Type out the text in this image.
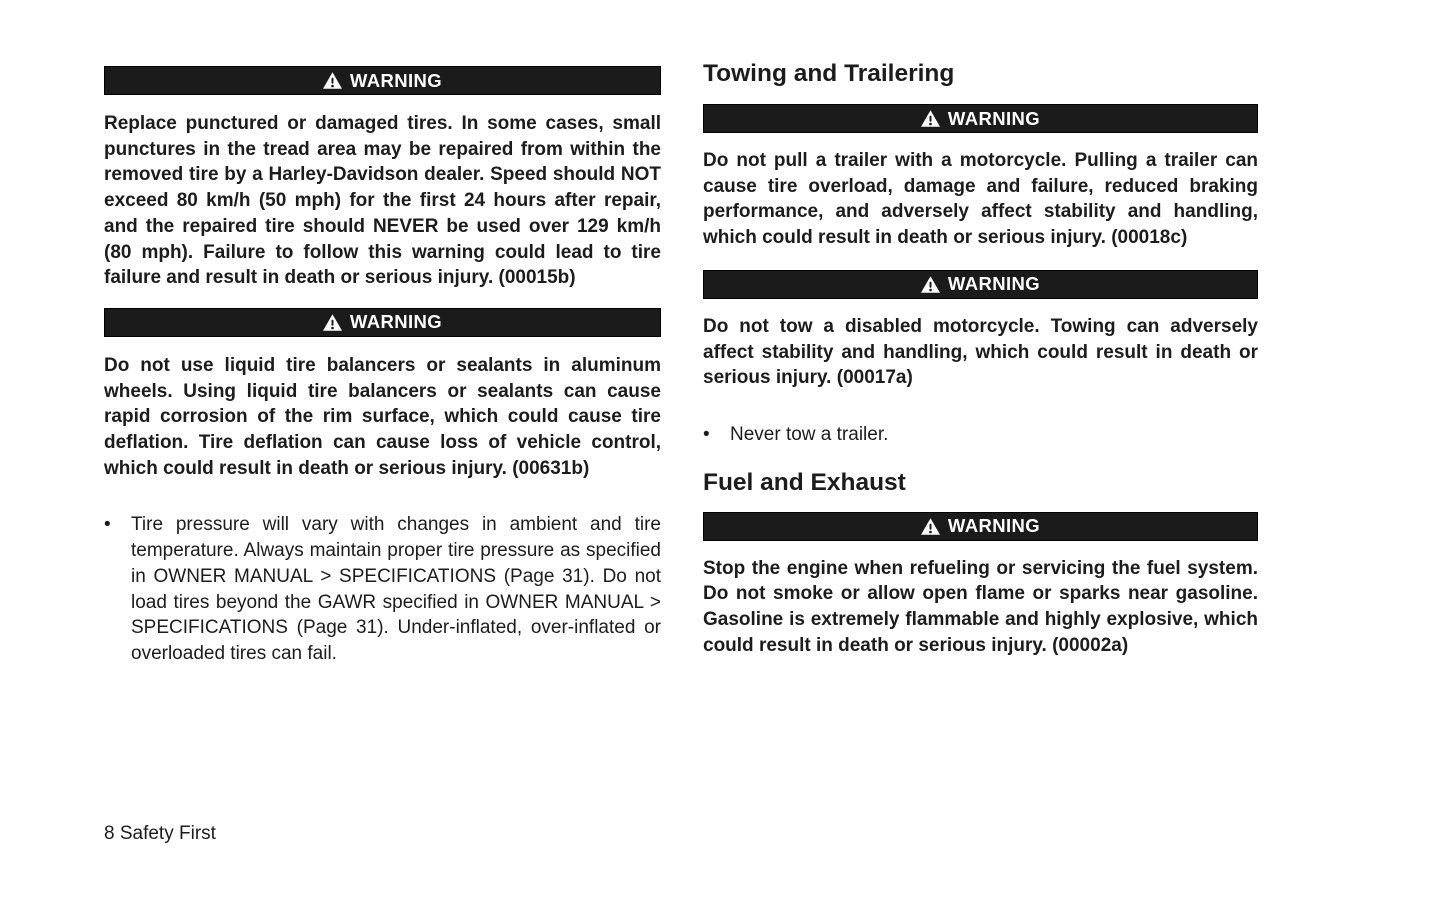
WARNING

Replace punctured or damaged tires. In some cases, small punctures in the tread area may be repaired from within the removed tire by a Harley-Davidson dealer. Speed should NOT exceed 80 km/h (50 mph) for the first 24 hours after repair, and the repaired tire should NEVER be used over 129 km/h (80 mph). Failure to follow this warning could lead to tire failure and result in death or serious injury. (00015b)

WARNING

Do not use liquid tire balancers or sealants in aluminum wheels. Using liquid tire balancers or sealants can cause rapid corrosion of the rim surface, which could cause tire deflation. Tire deflation can cause loss of vehicle control, which could result in death or serious injury. (00631b)

•	Tire pressure will vary with changes in ambient and tire temperature. Always maintain proper tire pressure as specified in OWNER MANUAL > SPECIFICATIONS (Page 31). Do not load tires beyond the GAWR specified in OWNER MANUAL > SPECIFICATIONS (Page 31). Under-inflated, over-inflated or overloaded tires can fail.
Towing and Trailering
WARNING

Do not pull a trailer with a motorcycle. Pulling a trailer can cause tire overload, damage and failure, reduced braking performance, and adversely affect stability and handling, which could result in death or serious injury. (00018c)

WARNING

Do not tow a disabled motorcycle. Towing can adversely affect stability and handling, which could result in death or serious injury. (00017a)

•	Never tow a trailer.
Fuel and Exhaust
WARNING

Stop the engine when refueling or servicing the fuel system. Do not smoke or allow open flame or sparks near gasoline. Gasoline is extremely flammable and highly explosive, which could result in death or serious injury. (00002a)

8 Safety First
